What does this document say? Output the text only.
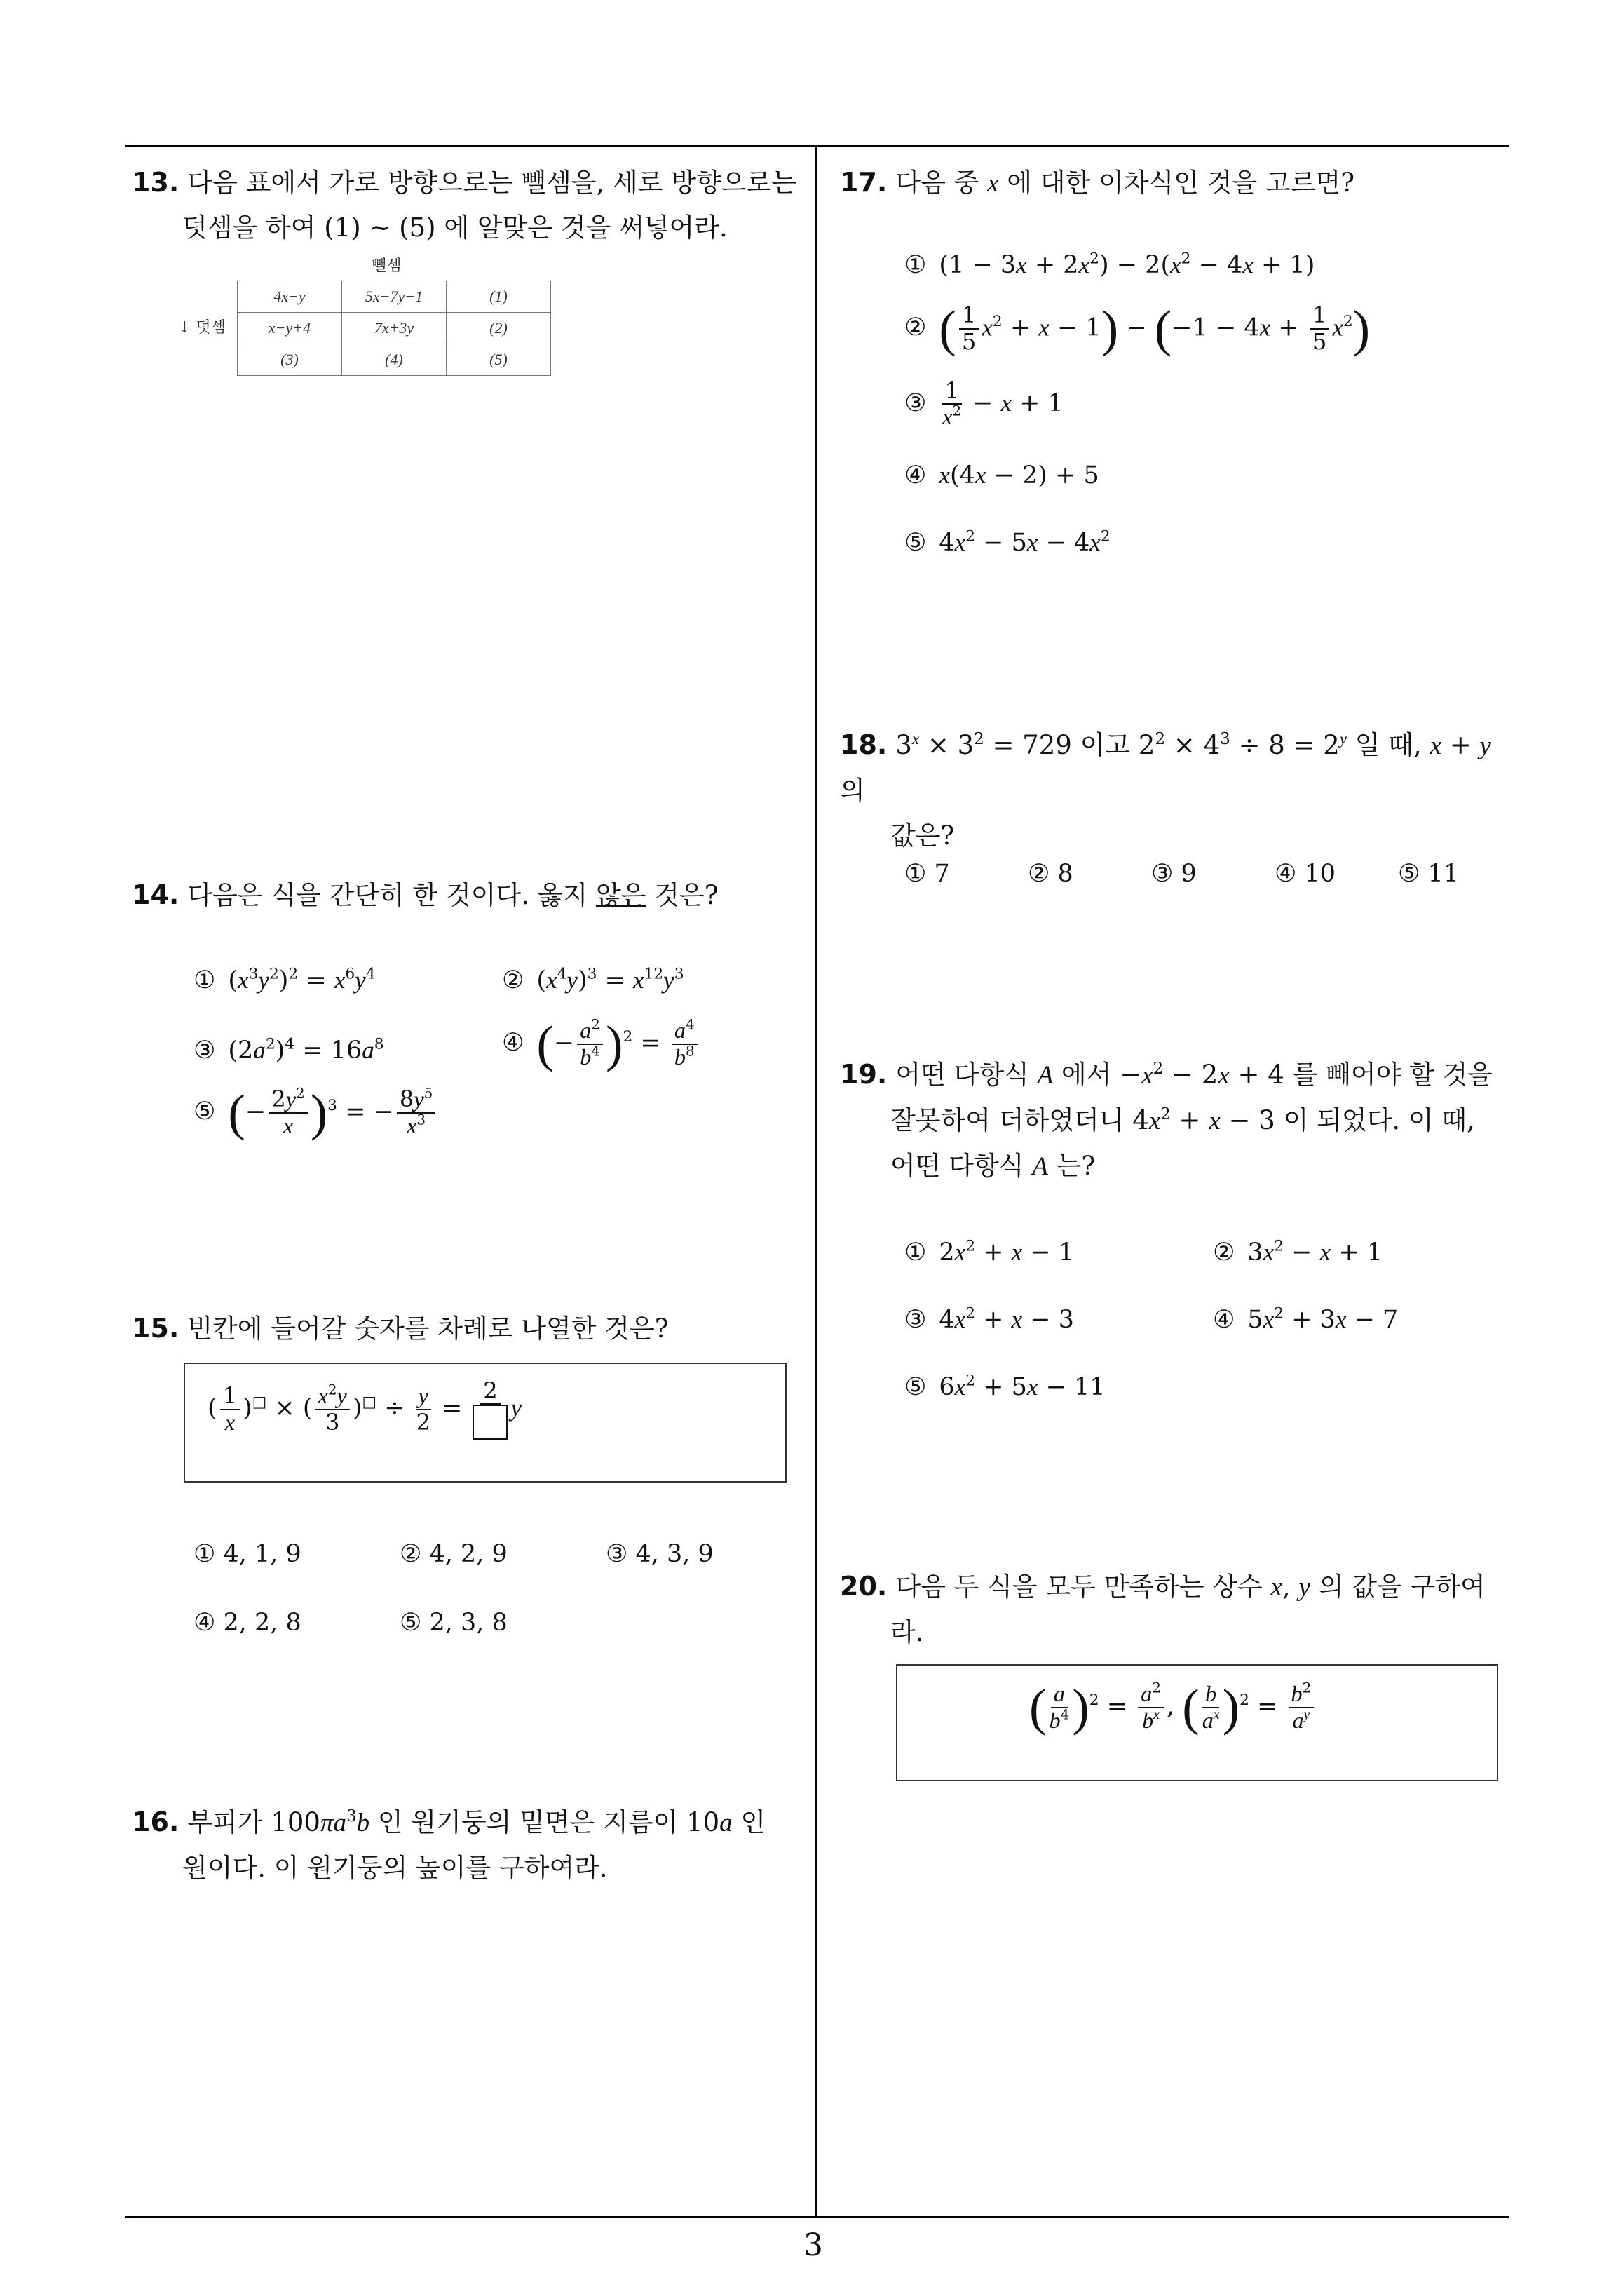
13. 다음 표에서 가로 방향으로는 뺄셈을, 세로 방향으로는
덧셈을 하여 (1) ~ (5) 에 알맞은 것을 써넣어라.
뺄셈
↓ 덧셈
4x−y	5x−7y−1	(1)
x−y+4	7x+3y	(2)
(3)	(4)	(5)
14. 다음은 식을 간단히 한 것이다. 옳지 않은 것은?
① $(x^3y^2)^2 = x^6y^4$	② $(x^4y)^3 = x^{12}y^3$
③ $(2a^2)^4 = 16a^8$	④ (− $\frac{a^2}{b^4} )^2 = \frac{a^4}{b^8}$
⑤ (− $\frac{2y^2}{x} )^3$ = − $\frac{8y^5}{x^3}$
15. 빈칸에 들어갈 숫자를 차례로 나열한 것은?
( $\frac{1}{x} )^□$ × ( $\frac{x^2y}{3} )^□ \div \frac{y}{2}$ =
2
y
① 4, 1, 9	② 4, 2, 9	③ 4, 3, 9
④ 2, 2, 8	⑤ 2, 3, 8
16. 부피가 $100\pi a^3b$ 인 원기둥의 밑면은 지름이 10a 인
원이다. 이 원기둥의 높이를 구하여라.
17. 다음 중 x 에 대한 이차식인 것을 고르면?
① $(1 - 3x + 2x^2) - 2(x^2 - 4x + 1)$
② ( $\frac{1}{5} x^2 + x - 1) - (-1 - 4x + \frac{1}{5} x^2)$
③ $\frac{1}{x^2} - x + 1$
④ x(4x − 2) + 5
⑤ $4x^2 - 5x - 4x^2$
18. $3^x \times 3^2 = 729$ 이고 $2^2 \times 4^3 \div 8 = 2^y$ 일 때, x + y 의
값은?
① 7	② 8	③ 9	④ 10	⑤ 11
19. 어떤 다항식 A 에서 $-x^2 - 2x + 4$ 를 빼어야 할 것을
잘못하여 더하였더니 $4x^2 + x - 3$ 이 되었다. 이 때,
어떤 다항식 A 는?
① $2x^2 + x - 1$	② $3x^2 - x + 1$
③ $4x^2 + x - 3$	④ $5x^2 + 3x - 7$
⑤ $6x^2 + 5x - 11$
20. 다음 두 식을 모두 만족하는 상수 x, y 의 값을 구하여
라.
( $\frac{a}{b^4} )^2 = \frac{a^2}{b^x}$ , ( $\frac{b}{a^x} )^2 = \frac{b^2}{a^y}$
3
